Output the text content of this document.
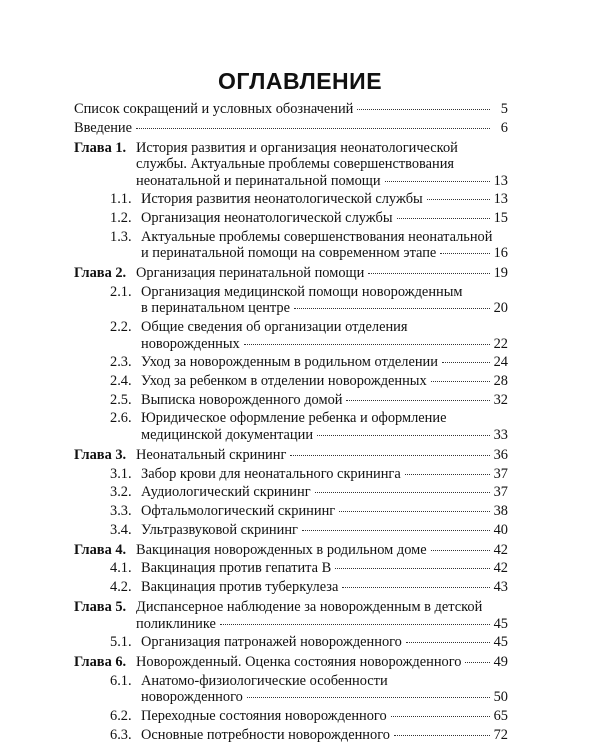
ОГЛАВЛЕНИЕ
Список сокращений и условных обозначений	5
Введение	6
Глава 1. История развития и организация неонатологической
службы. Актуальные проблемы совершенствования
неонатальной и перинатальной помощи	13
1.1. История развития неонатологической службы	13
1.2. Организация неонатологической службы	15
1.3. Актуальные проблемы совершенствования неонатальной
и перинатальной помощи на современном этапе	16
Глава 2. Организация перинатальной помощи	19
2.1. Организация медицинской помощи новорожденным
в перинатальном центре	20
2.2. Общие сведения об организации отделения
новорожденных	22
2.3. Уход за новорожденным в родильном отделении	24
2.4. Уход за ребенком в отделении новорожденных	28
2.5. Выписка новорожденного домой	32
2.6. Юридическое оформление ребенка и оформление
медицинской документации	33
Глава 3. Неонатальный скрининг	36
3.1. Забор крови для неонатального скрининга	37
3.2. Аудиологический скрининг	37
3.3. Офтальмологический скрининг	38
3.4. Ультразвуковой скрининг	40
Глава 4. Вакцинация новорожденных в родильном доме	42
4.1. Вакцинация против гепатита В	42
4.2. Вакцинация против туберкулеза	43
Глава 5. Диспансерное наблюдение за новорожденным в детской
поликлинике	45
5.1. Организация патронажей новорожденного	45
Глава 6. Новорожденный. Оценка состояния новорожденного 49
6.1. Анатомо-физиологические особенности
новорожденного	50
6.2. Переходные состояния новорожденного	65
6.3. Основные потребности новорожденного	72
